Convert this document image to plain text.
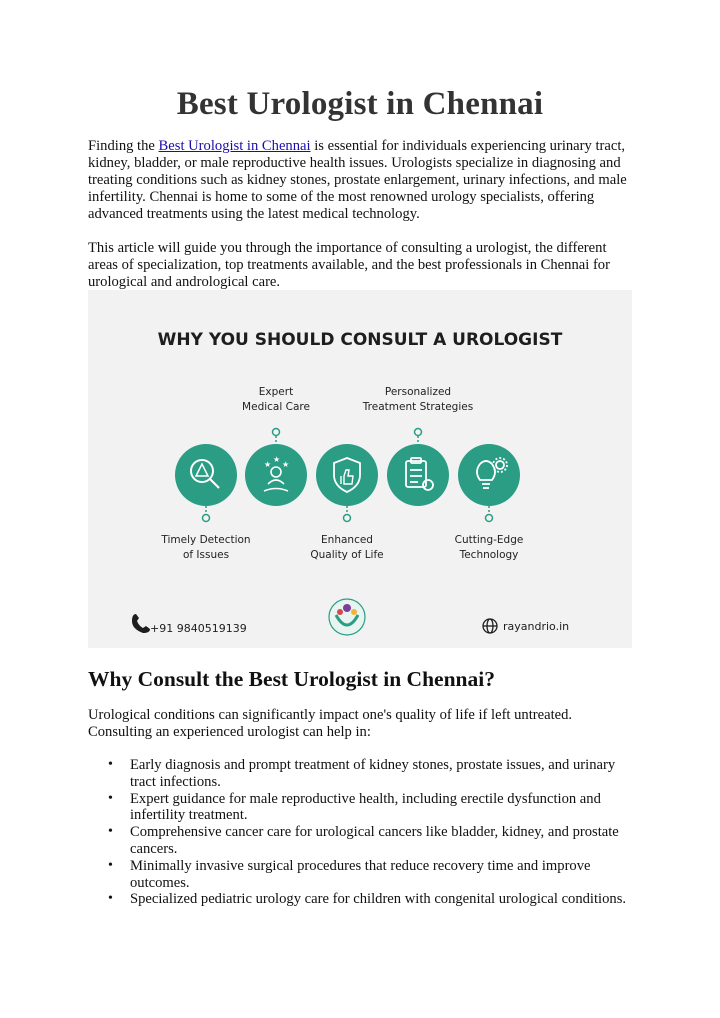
Best Urologist in Chennai

Finding the Best Urologist in Chennai is essential for individuals experiencing urinary tract, kidney, bladder, or male reproductive health issues. Urologists specialize in diagnosing and treating conditions such as kidney stones, prostate enlargement, urinary infections, and male infertility. Chennai is home to some of the most renowned urology specialists, offering advanced treatments using the latest medical technology.

This article will guide you through the importance of consulting a urologist, the different areas of specialization, top treatments available, and the best professionals in Chennai for urological and andrological care.

WHY YOU SHOULD CONSULT A UROLOGIST
Expert
Medical Care
Personalized
Treatment Strategies
★ ★
★
Timely Detection
of Issues
Enhanced
Quality of Life
Cutting-Edge
Technology
+91 9840519139	rayandrio.in
Why Consult the Best Urologist in Chennai?

Urological conditions can significantly impact one's quality of life if left untreated. Consulting an experienced urologist can help in:

• Early diagnosis and prompt treatment of kidney stones, prostate issues, and urinary tract infections.
• Expert guidance for male reproductive health, including erectile dysfunction and infertility treatment.
• Comprehensive cancer care for urological cancers like bladder, kidney, and prostate cancers.
• Minimally invasive surgical procedures that reduce recovery time and improve outcomes.
• Specialized pediatric urology care for children with congenital urological conditions.
